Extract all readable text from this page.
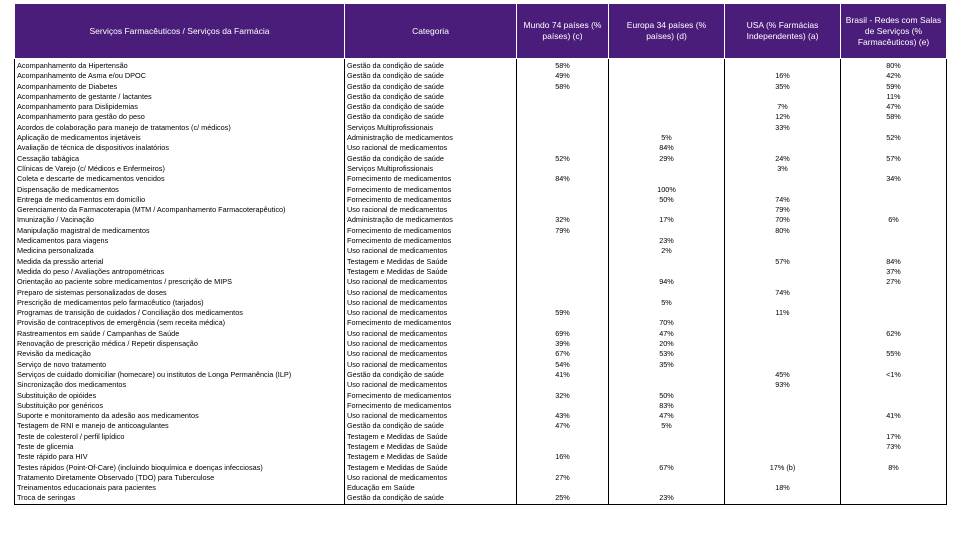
Serviços Farmacêuticos / Serviços da Farmácia	Categoria	Mundo 74 países (% países) (c)	Europa 34 países (% países) (d)	USA (% Farmácias Independentes) (a)	Brasil - Redes com Salas de Serviços (% Farmacêuticos) (e)
Acompanhamento da Hipertensão	Gestão da condição de saúde	58%			80%
Acompanhamento de Asma e/ou DPOC	Gestão da condição de saúde	49%		16%	42%
Acompanhamento de Diabetes	Gestão da condição de saúde	58%		35%	59%
Acompanhamento de gestante / lactantes	Gestão da condição de saúde				11%
Acompanhamento para Dislipidemias	Gestão da condição de saúde			7%	47%
Acompanhamento para gestão do peso	Gestão da condição de saúde			12%	58%
Acordos de colaboração para manejo de tratamentos (c/ médicos)	Serviços Multiprofissionais			33%	
Aplicação de medicamentos injetáveis	Administração de medicamentos		5%		52%
Avaliação de técnica de dispositivos inalatórios	Uso racional de medicamentos		84%		
Cessação tabágica	Gestão da condição de saúde	52%	29%	24%	57%
Clínicas de Varejo (c/ Médicos e Enfermeiros)	Serviços Multiprofissionais			3%	
Coleta e descarte de medicamentos vencidos	Fornecimento de medicamentos	84%			34%
Dispensação de medicamentos	Fornecimento de medicamentos		100%		
Entrega de medicamentos em domicílio	Fornecimento de medicamentos		50%	74%	
Gerenciamento da Farmacoterapia (MTM / Acompanhamento Farmacoterapêutico)	Uso racional de medicamentos			79%	
Imunização / Vacinação	Administração de medicamentos	32%	17%	70%	6%
Manipulação magistral de medicamentos	Fornecimento de medicamentos	79%		80%	
Medicamentos para viagens	Fornecimento de medicamentos		23%		
Medicina personalizada	Uso racional de medicamentos		2%		
Medida da pressão arterial	Testagem e Medidas de Saúde			57%	84%
Medida do peso / Avaliações antropométricas	Testagem e Medidas de Saúde				37%
Orientação ao paciente sobre medicamentos / prescrição de MIPS	Uso racional de medicamentos		94%		27%
Preparo de sistemas personalizados de doses	Uso racional de medicamentos			74%	
Prescrição de medicamentos pelo farmacêutico (tarjados)	Uso racional de medicamentos		5%		
Programas de transição de cuidados / Conciliação dos medicamentos	Uso racional de medicamentos	59%		11%	
Provisão de contraceptivos de emergência (sem receita médica)	Fornecimento de medicamentos		70%		
Rastreamentos em saúde / Campanhas de Saúde	Uso racional de medicamentos	69%	47%		62%
Renovação de prescrição médica / Repetir dispensação	Uso racional de medicamentos	39%	20%		
Revisão da medicação	Uso racional de medicamentos	67%	53%		55%
Serviço de novo tratamento	Uso racional de medicamentos	54%	35%		
Serviços de cuidado domiciliar (homecare) ou institutos de Longa Permanência (ILP)	Gestão da condição de saúde	41%		45%	<1%
Sincronização dos medicamentos	Uso racional de medicamentos			93%	
Substituição de opióides	Fornecimento de medicamentos	32%	50%		
Substituição por genéricos	Fornecimento de medicamentos		83%		
Suporte e monitoramento da adesão aos medicamentos	Uso racional de medicamentos	43%	47%		41%
Testagem de RNI e manejo de anticoagulantes	Gestão da condição de saúde	47%	5%		
Teste de colesterol / perfil lipídico	Testagem e Medidas de Saúde				17%
Teste de glicemia	Testagem e Medidas de Saúde				73%
Teste rápido para HIV	Testagem e Medidas de Saúde	16%			
Testes rápidos (Point-Of-Care) (incluindo bioquímica e doenças infecciosas)	Testagem e Medidas de Saúde		67%	17% (b)	8%
Tratamento Diretamente Observado (TDO) para Tuberculose	Uso racional de medicamentos	27%			
Treinamentos educacionais para pacientes	Educação em Saúde			18%	
Troca de seringas	Gestão da condição de saúde	25%	23%		
